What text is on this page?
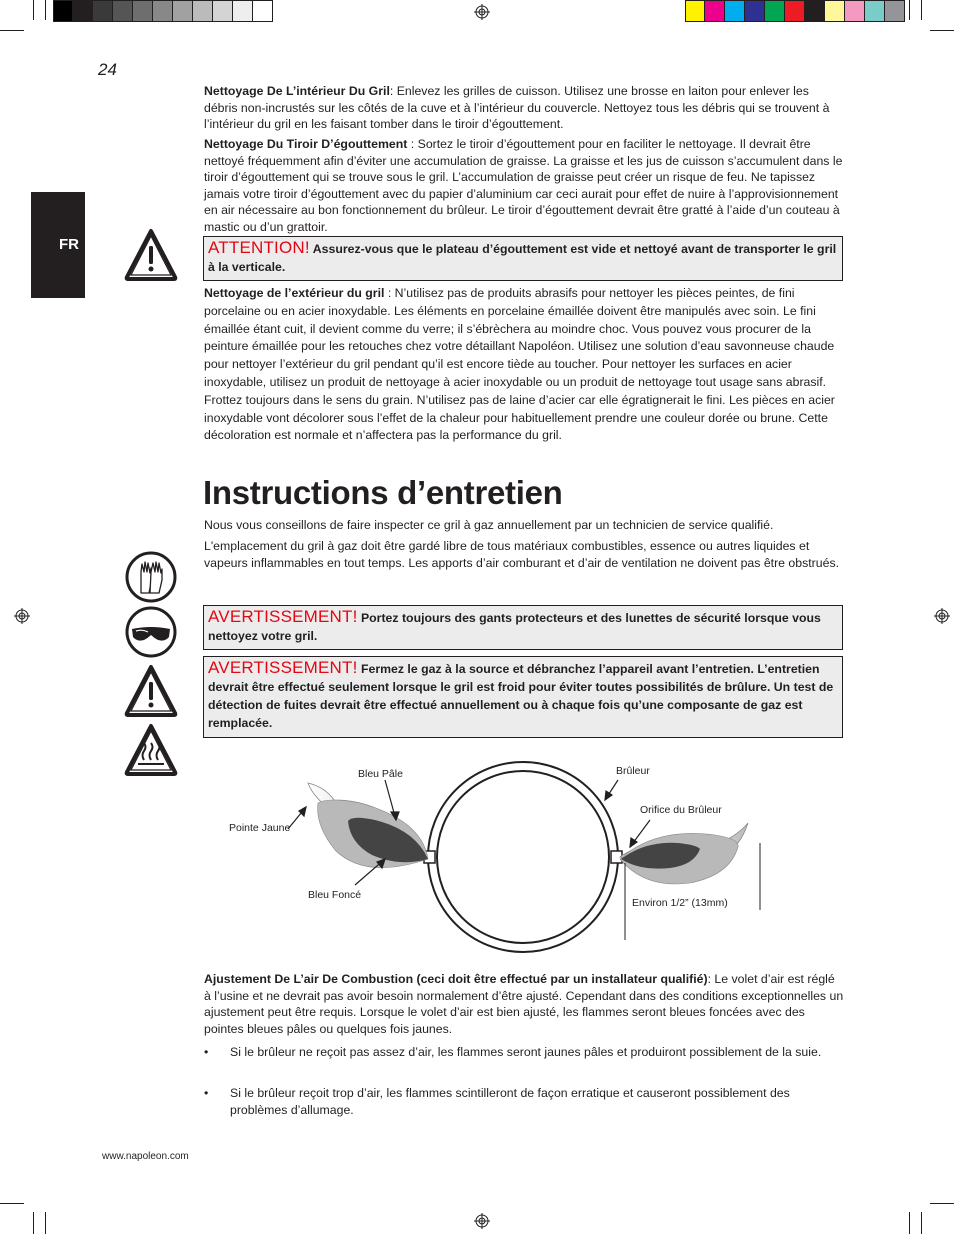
24
FR

Nettoyage De L’intérieur Du Gril: Enlevez les grilles de cuisson. Utilisez une brosse en laiton pour enlever les débris non-incrustés sur les côtés de la cuve et à l’intérieur du couvercle. Nettoyez tous les débris qui se trouvent à l’intérieur du gril en les faisant tomber dans le tiroir d’égouttement.

Nettoyage Du Tiroir D’égouttement : Sortez le tiroir d’égouttement pour en faciliter le nettoyage. Il devrait être nettoyé fréquemment afin d’éviter une accumulation de graisse. La graisse et les jus de cuisson s’accumulent dans le tiroir d’égouttement qui se trouve sous le gril. L’accumulation de graisse peut créer un risque de feu. Ne tapissez jamais votre tiroir d’égouttement avec du papier d’aluminium car ceci aurait pour effet de nuire à l’approvisionnement en air nécessaire au bon fonctionnement du brûleur. Le tiroir d’égouttement devrait être gratté à l’aide d’un couteau à mastic ou d’un grattoir.

ATTENTION! Assurez-vous que le plateau d’égouttement est vide et nettoyé avant de transporter le gril à la verticale.

Nettoyage de l’extérieur du gril : N’utilisez pas de produits abrasifs pour nettoyer les pièces peintes, de fini porcelaine ou en acier inoxydable. Les éléments en porcelaine émaillée doivent être manipulés avec soin. Le fini émaillée étant cuit, il devient comme du verre; il s’ébrèchera au moindre choc. Vous pouvez vous procurer de la peinture émaillée pour les retouches chez votre détaillant Napoléon. Utilisez une solution d’eau savonneuse chaude pour nettoyer l’extérieur du gril pendant qu’il est encore tiède au toucher. Pour nettoyer les surfaces en acier inoxydable, utilisez un produit de nettoyage à acier inoxydable ou un produit de nettoyage tout usage sans abrasif. Frottez toujours dans le sens du grain. N’utilisez pas de laine d’acier car elle égratignerait le fini. Les pièces en acier inoxydable vont décolorer sous l’effet de la chaleur pour habituellement prendre une couleur dorée ou brune. Cette décoloration est normale et n’affectera pas la performance du gril.

Instructions d’entretien

Nous vous conseillons de faire inspecter ce gril à gaz annuellement par un technicien de service qualifié.

L'emplacement du gril à gaz doit être gardé libre de tous matériaux combustibles, essence ou autres liquides et vapeurs inflammables en tout temps. Les apports d’air comburant et d’air de ventilation ne doivent pas être obstrués.

AVERTISSEMENT! Portez toujours des gants protecteurs et des lunettes de sécurité lorsque vous nettoyez votre gril.
AVERTISSEMENT! Fermez le gaz à la source et débranchez l’appareil avant l’entretien. L’entretien devrait être effectué seulement lorsque le gril est froid pour éviter toutes possibilités de brûlure. Un test de détection de fuites devrait être effectué annuellement ou à chaque fois qu’une composante de gaz est remplacée.
Bleu Pâle
Pointe Jaune
Bleu Foncé
Brûleur
Orifice du Brûleur
Environ 1/2” (13mm)

Ajustement De L’air De Combustion (ceci doit être effectué par un installateur qualifié): Le volet d’air est réglé à l’usine et ne devrait pas avoir besoin normalement d’être ajusté. Cependant dans des conditions exceptionnelles un ajustement peut être requis. Lorsque le volet d’air est bien ajusté, les flammes seront bleues foncées avec des pointes bleues pâles ou quelques fois jaunes.

• Si le brûleur ne reçoit pas assez d’air, les flammes seront jaunes pâles et produiront possiblement de la suie.
• Si le brûleur reçoit trop d’air, les flammes scintilleront de façon erratique et causeront possiblement des problèmes d’allumage.
www.napoleon.com
